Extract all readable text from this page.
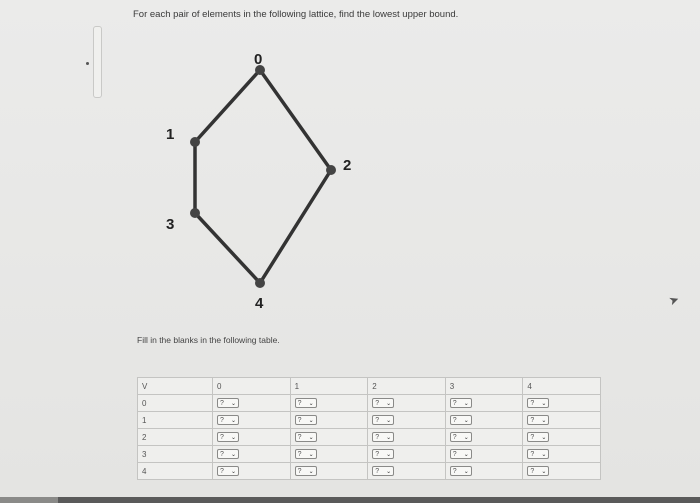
For each pair of elements in the following lattice, find the lowest upper bound.

0
1
2
3
4	➤

Fill in the blanks in the following table.

V	0	1	2	3	4
0	? ⌄	? ⌄	? ⌄	? ⌄	? ⌄

1	? ⌄	? ⌄	? ⌄	? ⌄	? ⌄

2	? ⌄	? ⌄	? ⌄	? ⌄	? ⌄

3	? ⌄	? ⌄	? ⌄	? ⌄	? ⌄

4	? ⌄	? ⌄	? ⌄	? ⌄	? ⌄
